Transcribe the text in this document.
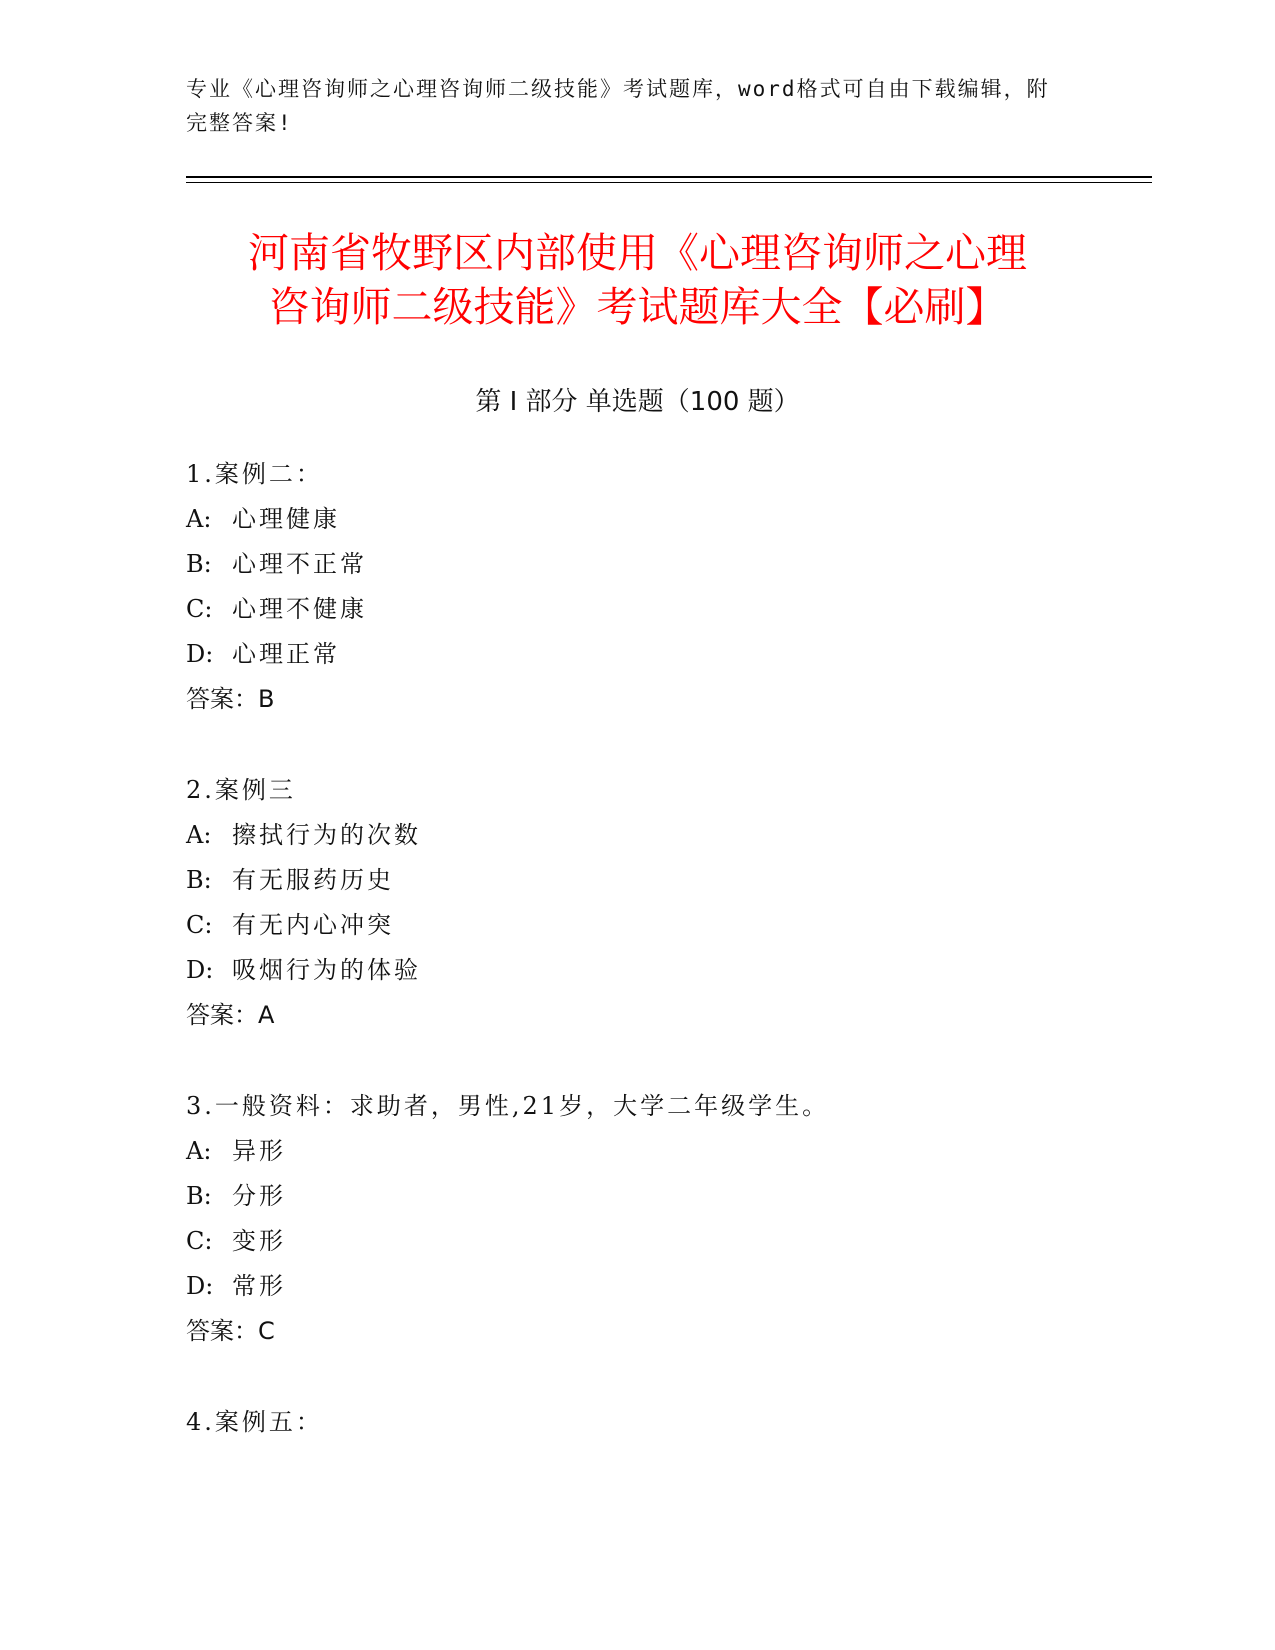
专业《心理咨询师之心理咨询师二级技能》考试题库，word格式可自由下载编辑，附完整答案!
河南省牧野区内部使用《心理咨询师之心理
咨询师二级技能》考试题库大全【必刷】
第 I 部分 单选题（100 题）
1.案例二：
A: 心理健康
B: 心理不正常
C: 心理不健康
D: 心理正常
答案：B
2.案例三
A: 擦拭行为的次数
B: 有无服药历史
C: 有无内心冲突
D: 吸烟行为的体验
答案：A
3.一般资料：求助者，男性,21岁，大学二年级学生。
A: 异形
B: 分形
C: 变形
D: 常形
答案：C
4.案例五：
